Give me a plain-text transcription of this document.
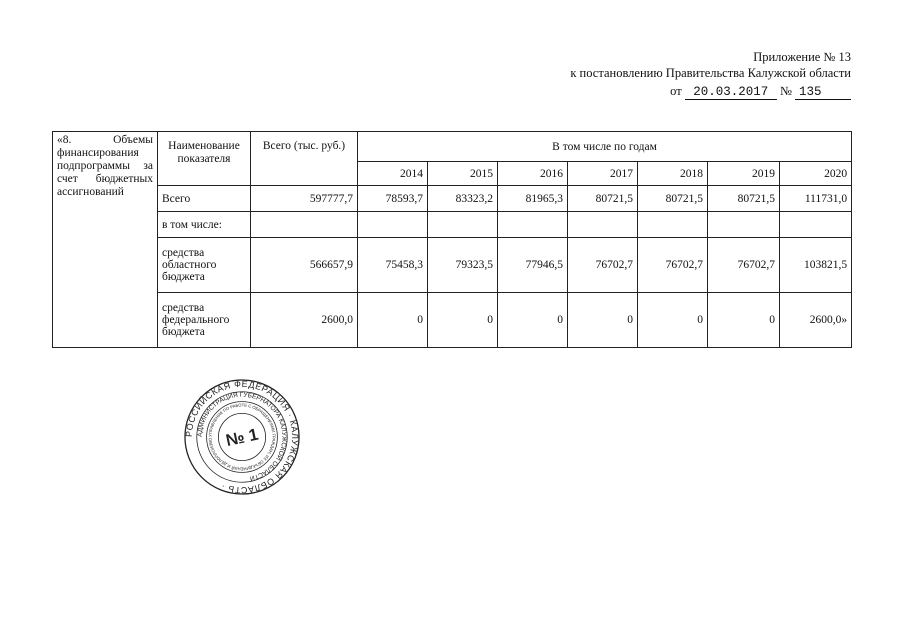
Приложение № 13
к постановлению Правительства Калужской области
от 20.03.2017 № 135
«8. Объемы финансирования подпрограммы за счет бюджетных ассигнований	Наименование показателя	Всего (тыс. руб.)	В том числе по годам						
			2014	2015	2016	2017	2018	2019	2020
	Всего	597777,7	78593,7	83323,2	81965,3	80721,5	80721,5	80721,5	111731,0
	в том числе:								
	средства областного бюджета	566657,9	75458,3	79323,5	77946,5	76702,7	76702,7	76702,7	103821,5
	средства федерального бюджета	2600,0	0	0	0	0	0	0	2600,0»
РОССИЙСКАЯ ФЕДЕРАЦИЯ · КАЛУЖСКАЯ ОБЛАСТЬ ·
АДМИНИСТРАЦИЯ ГУБЕРНАТОРА КАЛУЖСКОЙ ОБЛАСТИ
УПРАВЛЕНИЕ ПО РАБОТЕ С ОБРАЩЕНИЯМИ ГРАЖДАН, ИХ ОБЪЕДИНЕНИЙ И ДЕЛОПРОИЗВО № 1
